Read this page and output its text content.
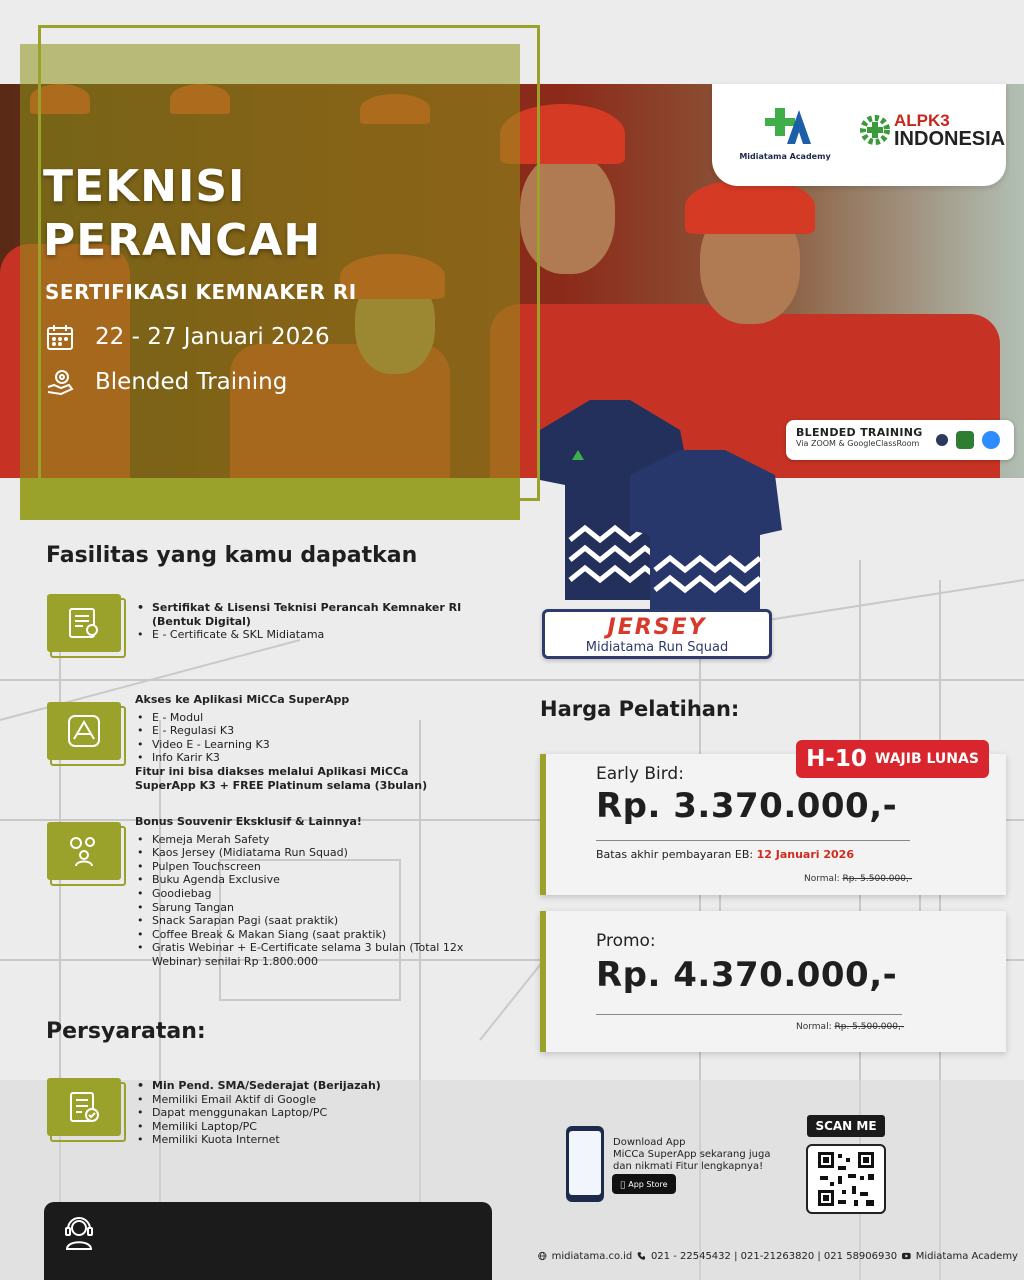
TEKNISI PERANCAH
SERTIFIKASI KEMNAKER RI
22 - 27 Januari 2026
Blended Training
Midiatama Academy
ALPK3
INDONESIA
BLENDED TRAINING
Via ZOOM & GoogleClassRoom
JERSEY
Midiatama Run Squad
Fasilitas yang kamu dapatkan
• Sertifikat & Lisensi Teknisi Perancah Kemnaker RI (Bentuk Digital)
• E - Certificate & SKL Midiatama
Akses ke Aplikasi MiCCa SuperApp
• E - Modul
• E - Regulasi K3
• Video E - Learning K3
• Info Karir K3
Fitur ini bisa diakses melalui Aplikasi MiCCa SuperApp K3 + FREE Platinum selama (3bulan)
Bonus Souvenir Eksklusif & Lainnya!
• Kemeja Merah Safety
• Kaos Jersey (Midiatama Run Squad)
• Pulpen Touchscreen
• Buku Agenda Exclusive
• Goodiebag
• Sarung Tangan
• Snack Sarapan Pagi (saat praktik)
• Coffee Break & Makan Siang (saat praktik)
• Gratis Webinar + E-Certificate selama 3 bulan (Total 12x Webinar) senilai Rp 1.800.000
Persyaratan:
• Min Pend. SMA/Sederajat (Berijazah)
• Memiliki Email Aktif di Google
• Dapat menggunakan Laptop/PC
• Memiliki Laptop/PC
• Memiliki Kuota Internet
Harga Pelatihan:
Early Bird:
Rp. 3.370.000,-
Batas akhir pembayaran EB: 12 Januari 2026
Normal: Rp. 5.500.000,-
H-10 WAJIB LUNAS
Promo:
Rp. 4.370.000,-
Normal: Rp. 5.500.000,-
Download App
MiCCa SuperApp sekarang juga dan nikmati Fitur lengkapnya!
App Store
SCAN ME
midiatama.co.id 021 - 22545432 | 021-21263820 | 021 58906930 Midiatama Academy
